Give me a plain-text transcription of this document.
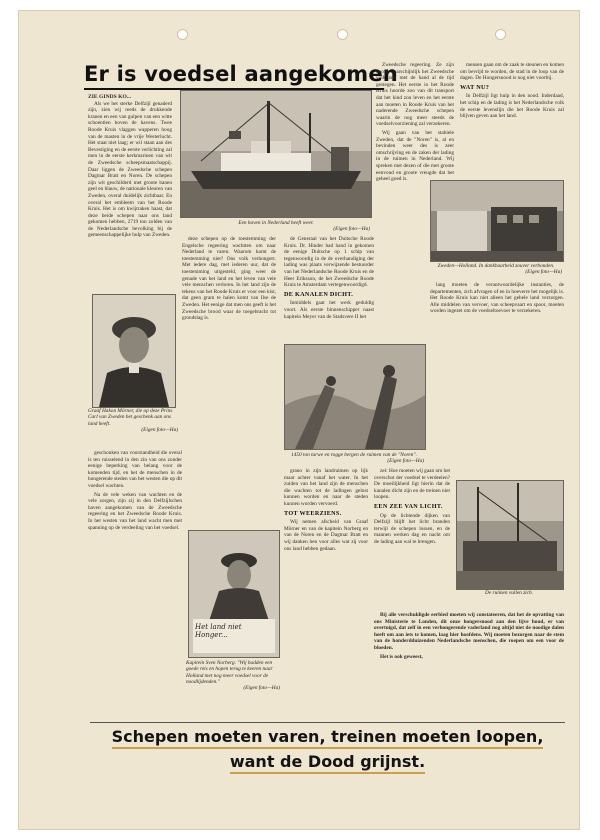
Er is voedsel aangekomen
ZIE GINDS KO...

Als we het sterke Delfzijl genaderd zijn, zien wij reeds de drukkende kranen en een van gulpen van een witte schoentien boven de havens. Twee Roode Kruis vlaggen wapperen hoog van de masten in de vrije Westerlucht. Het staat niet laag; er wil staan aan des Bevestiging en de eerste verlichting zal men in de eerste kerkmarinen van wit de Zweedsche scheepsmaatschappij. Daar liggen de Zweedsche schepen Dagmar Bratt en Noren. De schepen zijn wit geschilderd met groote banen geel en blauw, de nationale kleuren van Zweden, overal duidelijk zichtbaar. En overal het embleem van het Roode Kruis. Het is om kwijtraken haast, dat deze beide schepen naar ons land gekomen hebben, 2719 ton zolden van de Nederlandsche bevolking bij de gemeenschappelijke hulp van Zweden.

Een haven in Nederland heeft weer.
(Eigen foto—Ha)

Zweedsche regeering. Ze zijn boord waarschijnlijk het Zweedsche volk zelf met de hand al de tijd gestegen. Het eerste in het Roode Kruis hoorde zoo van dit transport dat het kind zou leven en het eerste aan moeten in Roode Kruis van het naderende Zweedsche schepen waarin de nog meer steeds de voedselvoorziening zal verzekeren.

Wij gaan van het stabiele Zweden, dat de "Noren" is, al en bevinden weer des is zeer omschrijving en de zaken der lading in de ruimen in Nederland. Wij spreken met dezen of die met groote eenvoud en groote vreugde dat het geheel goed is.

mensen gaan om de zaak te steunen en komen om bevrijd te worden, de stad in de loop van de dagen. De Hongersnood is nog niet voorbij.

WAT NU?

In Delfzijl ligt hulp in den nood. Inderdaad, het schip en de lading is het Nederlandsche volk de eerste levenslijn die het Roode Kruis zal blijven geven aan het land.

Zweden—Holland. In dankbaarheid zouver verbonden.
(Eigen foto—Ha)
Graaf Hakon Mörner, die op deze Prins Carl van Zweden het geschenk aan ons land heeft.
(Eigen foto—Ha)

deze schepen op de toestemming der Engelsche regeering wachtten om naar Nederland te varen. Waarom komt de toestemming niet? Ons volk verhongert. Met iedere dag, met iederen uur, dat de toestemming uitgesteld, ging weer de genade van het land en het leven van vele vele menschen verloren. In het land zijn de tekens van het Roode Kruis er voor een kist, dat geen gram te halen komt van Ilse de Zweden. Het eenige dat men ons geeft is het Zweedsche brood waar de toegebracht tot grondslag is.

de Generaal van het Duitsche Roode Kruis. Dr. Hinder had hand in gekomen de eenige Duitsche op 1 schip van tegenwoordig in de de overhandiging der lading was plaats verwijzende bestuurder van het Nederlandsche Roode Kruis en de Heer Eriksson, de het Zweedsche Roode Kruis te Amsterdam vertegenwoordigd.

DE KANALEN DICHT.

Inmiddels gaat het werk geduldig voort. Als eerste binnenschipper naast kapitein Meyer van de Stadsvere II het

lang moeten de verantwoordelijke instanties, de departementen, zich afvragen of en in hoeverre het mogelijk is. Het Roode Kruis kan niet alleen het gehele land verzorgen. Alle middelen van vervoer, van scheepvaart en spoor, moeten worden ingezet om de voedseltoevoer te verzekeren.

1450 ton tarwe en rogge bergen de ruimen van de "Noren".
(Eigen foto—Ha)

geschonken van voorstandheid die overal is ten ruisselend in den zin van ons zonder eenige beperking van belang voor de komenden tijd, en het de menschen in de hongerende steden van het westen die op dit voedsel wachten.

Na de vele weken van wachten en de vele zorgen, zijn zij in den Delfzijlschen haven aangekomen van de Zweedsche regeering en het Zweedsche Roode Kruis. In het westen van het land wacht men met spanning op de verdeeling van het voedsel.

Het land niet Honger...
Kapitein Sven Norberg. "Wij hadden een goede reis en hopen terug te keeren naar Holland met nog meer voedsel voor de noodlijdenden."
(Eigen foto—Ha)

grano in zijn landruimen op lijk maar achter vanaf het water. In het zuiden van het land zijn de menschen die wachten tot de ladingen gelost kunnen worden en naar de steden kunnen worden vervoerd.

TOT WEERZIENS.

Wij nemen afscheid van Graaf Mörner en van de kapitein Norberg en van de Noren en de Dagmar Bratt en wij danken hen voor alles wat zij voor ons land hebben gedaan.

zei: Hoe moeten wij gaan om het overschot der voedsel te verdeelen? De moeilijkheid ligt hierin dat de kanalen dicht zijn en de treinen niet loopen.

EEN ZEE VAN LICHT.

Op de lichtende dijken van Delfzijl blijft het licht branden terwijl de schepen lossen, en de mannen werken dag en nacht om de lading aan wal te brengen.

De ruimen vullen zich.

Bij alle verschuldigde eerbied moeten wij constateeren, dat het de opvatting van ons Ministerie te Londen, dit onze hongersnood aan den lijve houd, er van overtuigd, dat zelf in een verhongerende vaderland nog altijd niet de noodige dalen heeft om aan iets te komen, laag hier hoofdens. Wij moeten bezorgen naar de stem van de honderdduizenden Nederlandsche menschen, die roepen om een voor de bloeden.

Het is ook geweest,

Schepen moeten varen, treinen moeten loopen,
want de Dood grijnst.
